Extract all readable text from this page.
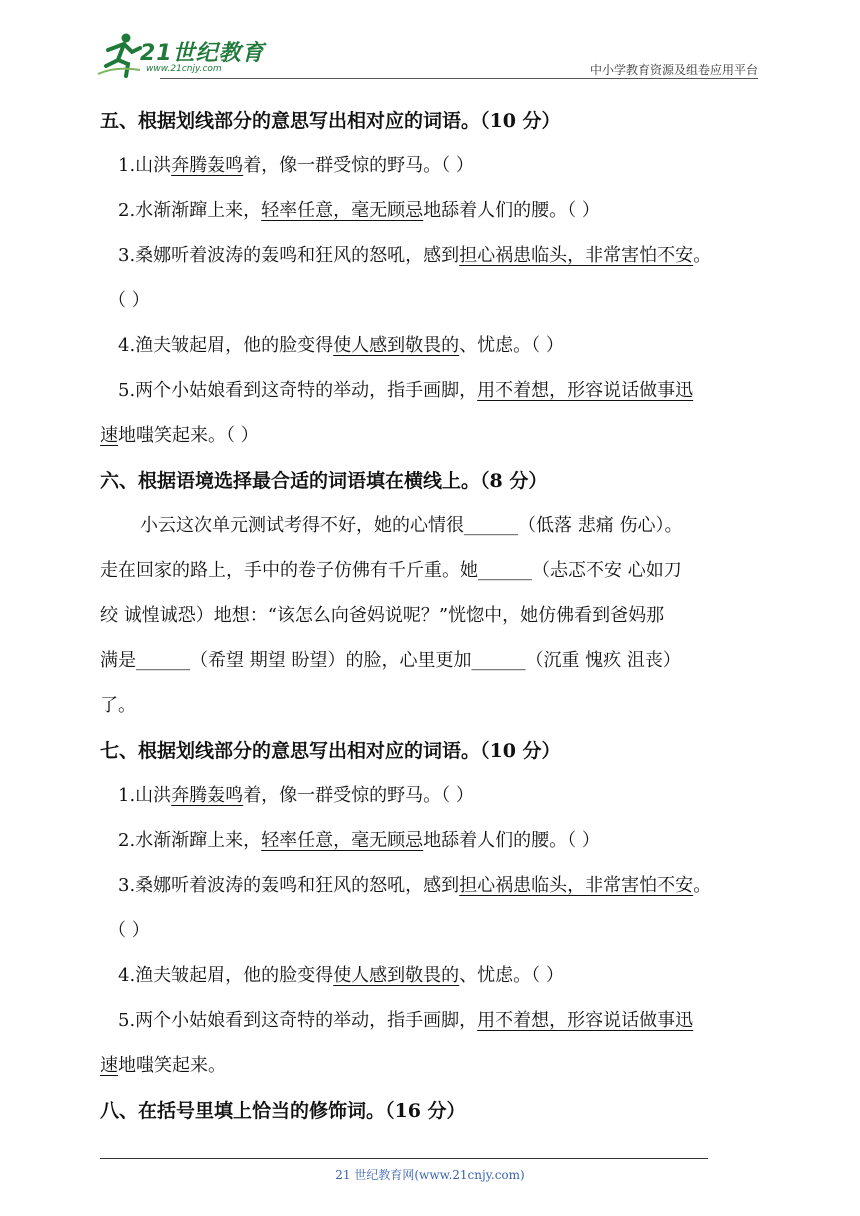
21世纪教育
www.21cnjy.com	中小学教育资源及组卷应用平台
五、根据划线部分的意思写出相对应的词语。（10 分）
1.山洪奔腾轰鸣着，像一群受惊的野马。（ ）
2.水渐渐蹿上来，轻率任意，毫无顾忌地舔着人们的腰。（ ）
3.桑娜听着波涛的轰鸣和狂风的怒吼，感到担心祸患临头，非常害怕不安。
（ ）
4.渔夫皱起眉，他的脸变得使人感到敬畏的、忧虑。（ ）
5.两个小姑娘看到这奇特的举动，指手画脚，用不着想，形容说话做事迅
速地嗤笑起来。（ ）
六、根据语境选择最合适的词语填在横线上。（8 分）
小云这次单元测试考得不好，她的心情很______（低落 悲痛 伤心）。
走在回家的路上，手中的卷子仿佛有千斤重。她______（忐忑不安 心如刀
绞 诚惶诚恐）地想：“该怎么向爸妈说呢？”恍惚中，她仿佛看到爸妈那
满是______（希望 期望 盼望）的脸，心里更加______（沉重 愧疚 沮丧）
了。
七、根据划线部分的意思写出相对应的词语。（10 分）
1.山洪奔腾轰鸣着，像一群受惊的野马。（ ）
2.水渐渐蹿上来，轻率任意，毫无顾忌地舔着人们的腰。（ ）
3.桑娜听着波涛的轰鸣和狂风的怒吼，感到担心祸患临头，非常害怕不安。
（ ）
4.渔夫皱起眉，他的脸变得使人感到敬畏的、忧虑。（ ）
5.两个小姑娘看到这奇特的举动，指手画脚，用不着想，形容说话做事迅
速地嗤笑起来。
八、在括号里填上恰当的修饰词。（16 分）
21 世纪教育网(www.21cnjy.com)
